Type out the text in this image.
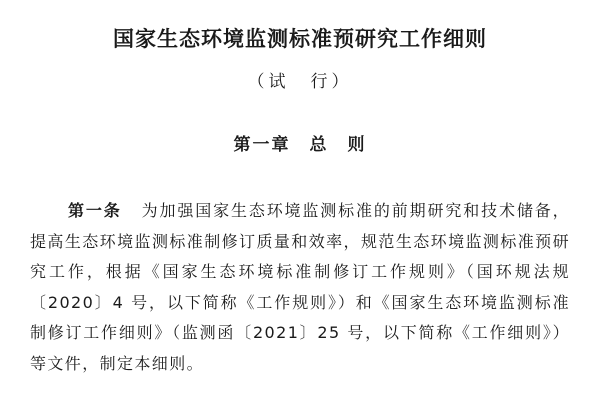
国家生态环境监测标准预研究工作细则
（试　行）
第一章　总　则

第一条 为加强国家生态环境监测标准的前期研究和技术储备，提高生态环境监测标准制修订质量和效率，规范生态环境监测标准预研究工作，根据《国家生态环境标准制修订工作规则》（国环规法规〔2020〕4 号，以下简称《工作规则》）和《国家生态环境监测标准制修订工作细则》（监测函〔2021〕25 号，以下简称《工作细则》）等文件，制定本细则。
